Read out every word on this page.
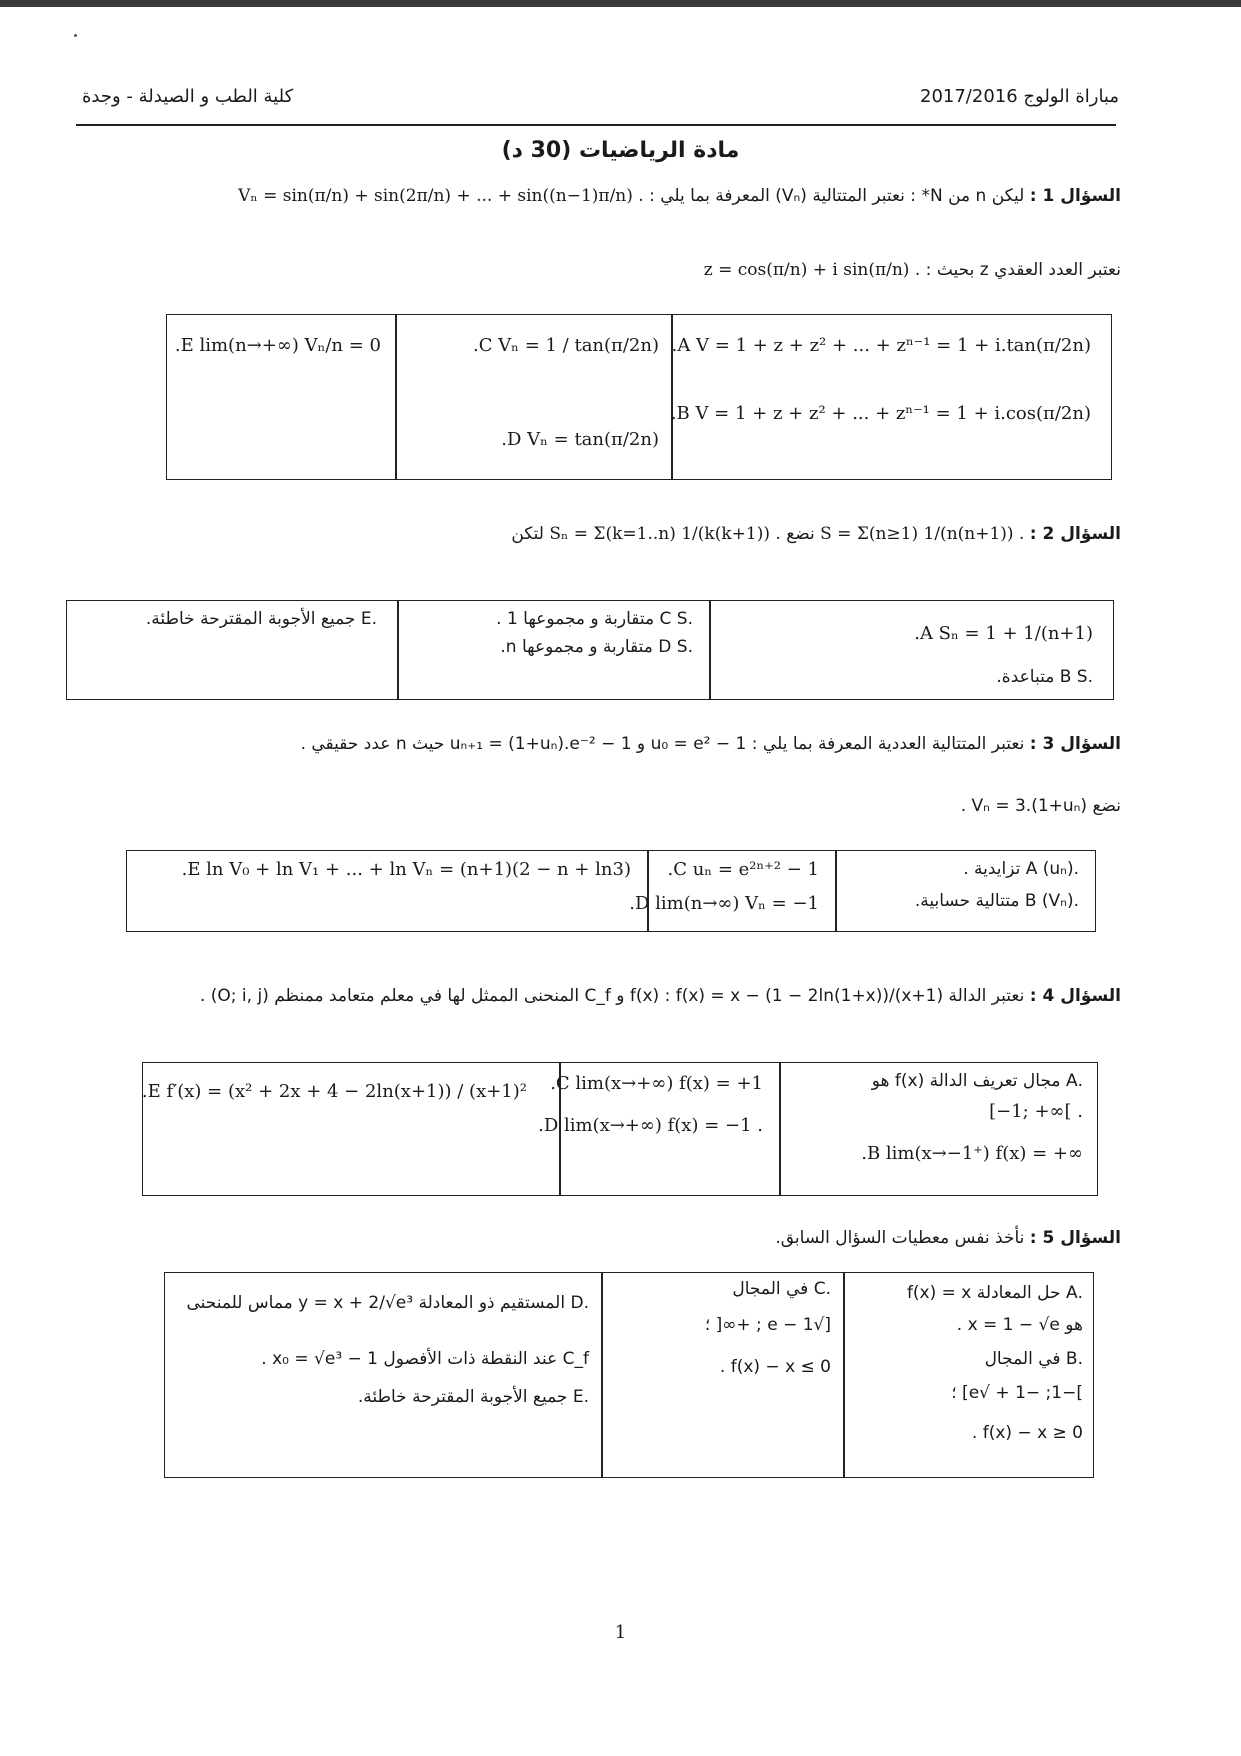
مباراة الولوج 2017/2016
كلية الطب و الصيدلة - وجدة
مادة الرياضيات (30 د)
السؤال 1 : ليكن n من N* : نعتبر المتتالية (Vₙ) المعرفة بما يلي : Vₙ = sin(π/n) + sin(2π/n) + ... + sin((n−1)π/n) .
نعتبر العدد العقدي z بحيث : z = cos(π/n) + i sin(π/n) .
.A V = 1 + z + z² + ... + zⁿ⁻¹ = 1 + i.tan(π/2n)
.B V = 1 + z + z² + ... + zⁿ⁻¹ = 1 + i.cos(π/2n)
.C Vₙ = 1 / tan(π/2n)
.D Vₙ = tan(π/2n)
.E lim(n→+∞) Vₙ/n = 0
السؤال 2 : لتكن Sₙ = Σ(k=1..n) 1/(k(k+1)) . نضع S = Σ(n≥1) 1/(n(n+1)) .
.A Sₙ = 1 + 1/(n+1)
.B S متباعدة.
.C S متقاربة و مجموعها 1 .
.D S متقاربة و مجموعها n.
.E جميع الأجوبة المقترحة خاطئة.
السؤال 3 : نعتبر المتتالية العددية المعرفة بما يلي : u₀ = e² − 1 و uₙ₊₁ = (1+uₙ).e⁻² − 1 حيث n عدد حقيقي .
نضع Vₙ = 3.(1+uₙ) .
.A (uₙ) تزايدية .
.B (Vₙ) متتالية حسابية.
.C uₙ = e²ⁿ⁺² − 1
.D lim(n→∞) Vₙ = −1
.E ln V₀ + ln V₁ + ... + ln Vₙ = (n+1)(2 − n + ln3)
السؤال 4 : نعتبر الدالة f(x) : f(x) = x − (1 − 2ln(1+x))/(x+1) و C_f المنحنى الممثل لها في معلم متعامد ممنظم (O; i, j) .
.A مجال تعريف الدالة f(x) هو
[−1; +∞[ .
.B lim(x→−1⁺) f(x) = +∞
.C lim(x→+∞) f(x) = +1
.D lim(x→+∞) f(x) = −1 .
.E f′(x) = (x² + 2x + 4 − 2ln(x+1)) / (x+1)²
السؤال 5 : نأخذ نفس معطيات السؤال السابق.
.A حل المعادلة f(x) = x
هو x = 1 − √e .
.B في المجال
]−1; −1 + √e] ؛
f(x) − x ≥ 0 .
.C في المجال
[√e − 1 ; +∞[ ؛
f(x) − x ≤ 0 .
.D المستقيم ذو المعادلة y = x + 2/√e³ مماس للمنحنى
C_f عند النقطة ذات الأفصول x₀ = √e³ − 1 .
.E جميع الأجوبة المقترحة خاطئة.
1
